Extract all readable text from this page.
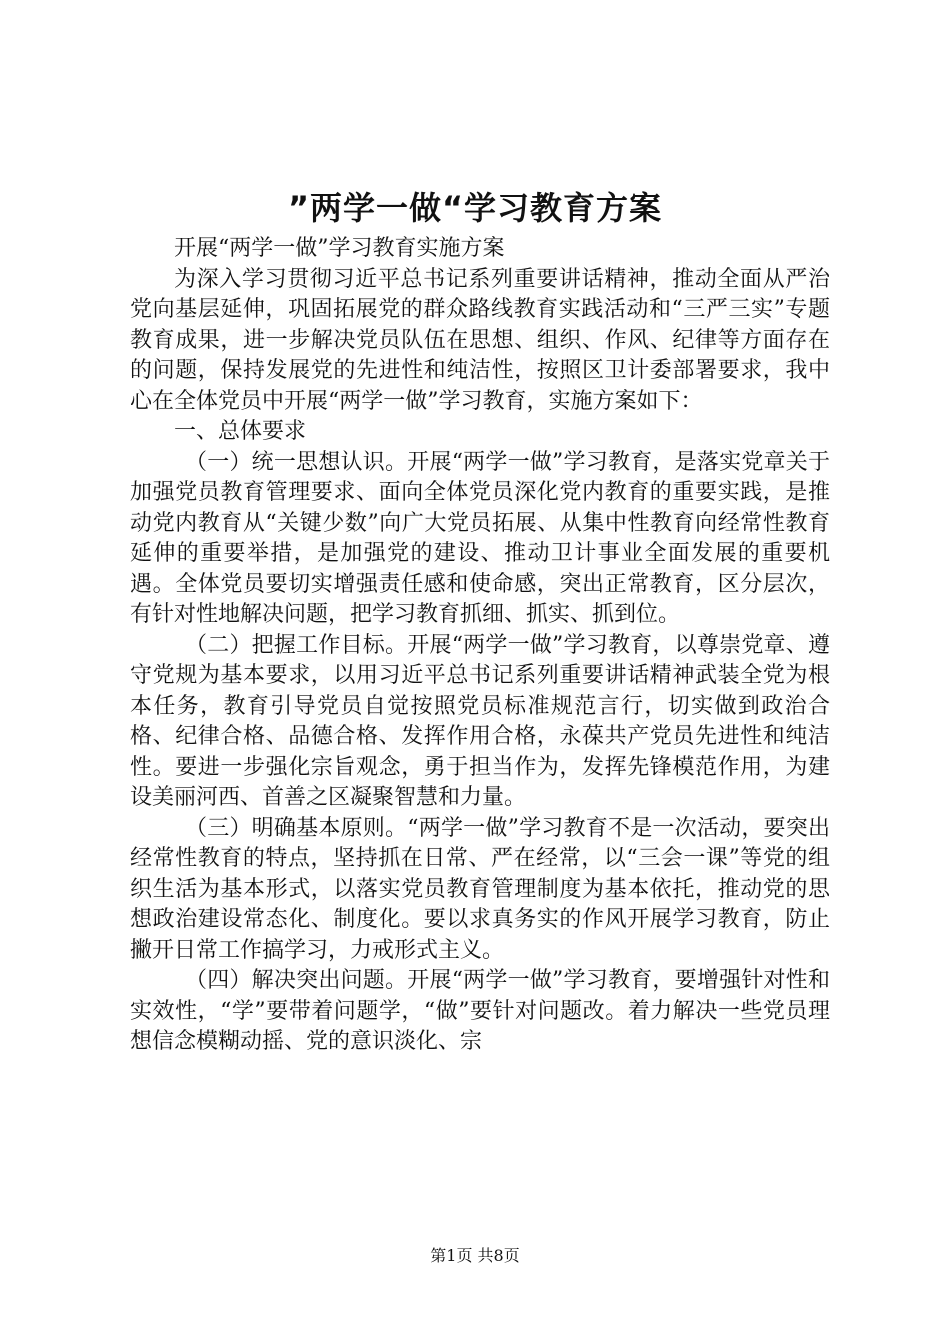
”两学一做“学习教育方案

开展“两学一做”学习教育实施方案

为深入学习贯彻习近平总书记系列重要讲话精神，推动全面从严治党向基层延伸，巩固拓展党的群众路线教育实践活动和“三严三实”专题教育成果，进一步解决党员队伍在思想、组织、作风、纪律等方面存在的问题，保持发展党的先进性和纯洁性，按照区卫计委部署要求，我中心在全体党员中开展“两学一做”学习教育，实施方案如下：

一、总体要求

（一）统一思想认识。开展“两学一做”学习教育，是落实党章关于加强党员教育管理要求、面向全体党员深化党内教育的重要实践，是推动党内教育从“关键少数”向广大党员拓展、从集中性教育向经常性教育延伸的重要举措，是加强党的建设、推动卫计事业全面发展的重要机遇。全体党员要切实增强责任感和使命感，突出正常教育，区分层次，有针对性地解决问题，把学习教育抓细、抓实、抓到位。

（二）把握工作目标。开展“两学一做”学习教育，以尊崇党章、遵守党规为基本要求，以用习近平总书记系列重要讲话精神武装全党为根本任务，教育引导党员自觉按照党员标准规范言行，切实做到政治合格、纪律合格、品德合格、发挥作用合格，永葆共产党员先进性和纯洁性。要进一步强化宗旨观念，勇于担当作为，发挥先锋模范作用，为建设美丽河西、首善之区凝聚智慧和力量。

（三）明确基本原则。“两学一做”学习教育不是一次活动，要突出经常性教育的特点，坚持抓在日常、严在经常，以“三会一课”等党的组织生活为基本形式，以落实党员教育管理制度为基本依托，推动党的思想政治建设常态化、制度化。要以求真务实的作风开展学习教育，防止撇开日常工作搞学习，力戒形式主义。

（四）解决突出问题。开展“两学一做”学习教育，要增强针对性和实效性，“学”要带着问题学，“做”要针对问题改。着力解决一些党员理想信念模糊动摇、党的意识淡化、宗

第1页 共8页
